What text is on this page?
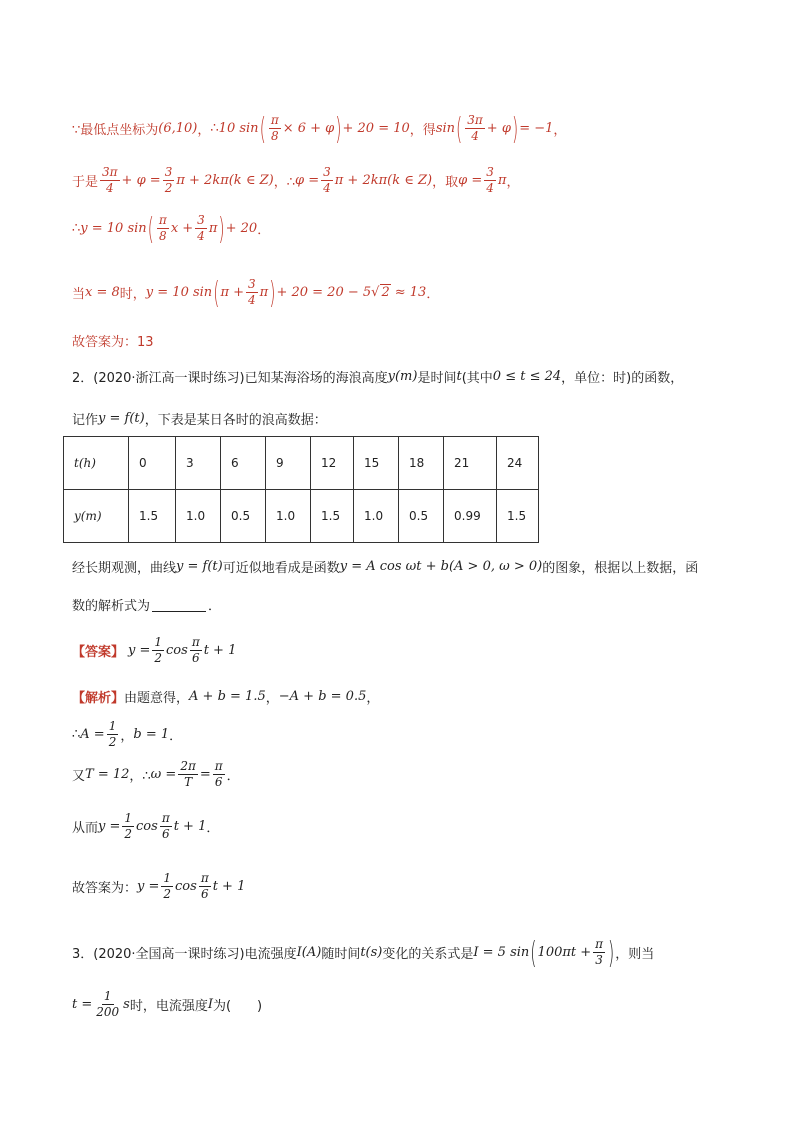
∵最低点坐标为 (6,10) ， ∴ 10 sin ( $\frac{\pi}{8} \times 6 + \varphi$ ) + 20 = 10 ，得 sin ( $\frac{3\pi}{4} + \varphi$ ) = −1 ，
于是 $\frac{3\pi}{4} + \varphi = \frac{3}{2}$ π + 2kπ(k ∈ Z) ，∴ $\varphi = \frac{3}{4}$ π + 2kπ(k ∈ Z) ，取 $\varphi = \frac{3}{4}$ π ，
∴ y = 10 sin ( $\frac{\pi}{8}$ $x + \frac{3}{4}$ π ) + 20 ．
当 x = 8 时， y = 10 sin ( $\pi + \frac{3}{4}$ π ) + 20 = 20 − 5 √ 2 ≈ 13 ．
故答案为：13
2．(2020·浙江高一课时练习)已知某海浴场的海浪高度 y(m) 是时间 t (其中 0 ≤ t ≤ 24 ，单位：时)的函数，
记作 y = f(t) ，下表是某日各时的浪高数据：
t(h)	0	3	6	9	12	15	18	21	24
y(m)	1.5	1.0	0.5	1.0	1.5	1.0	0.5	0.99	1.5
经长期观测，曲线 y = f(t) 可近似地看成是函数 y = A cos ωt + b(A > 0, ω > 0) 的图象，根据以上数据，函
数的解析式为	．
【答案】 $y = \frac{1}{2}$ $\cos \frac{\pi}{6}$ t + 1
【解析】 由题意得， A + b = 1.5 ， −A + b = 0.5 ，
∴ $A = \frac{1}{2}$ ， b = 1 ．
又 T = 12 ，∴ $\omega = \frac{2\pi}{T} = \frac{\pi}{6}$ ．
从而 $y = \frac{1}{2}$ $\cos \frac{\pi}{6}$ t + 1 ．
故答案为： $y = \frac{1}{2}$ $\cos \frac{\pi}{6}$ t + 1
3．(2020·全国高一课时练习)电流强度 I(A) 随时间 t(s) 变化的关系式是 I = 5 sin ( $100\pi t + \frac{\pi}{3}$ ) ，则当
$t = \frac{1}{200}$ s 时，电流强度 I 为(　　)
